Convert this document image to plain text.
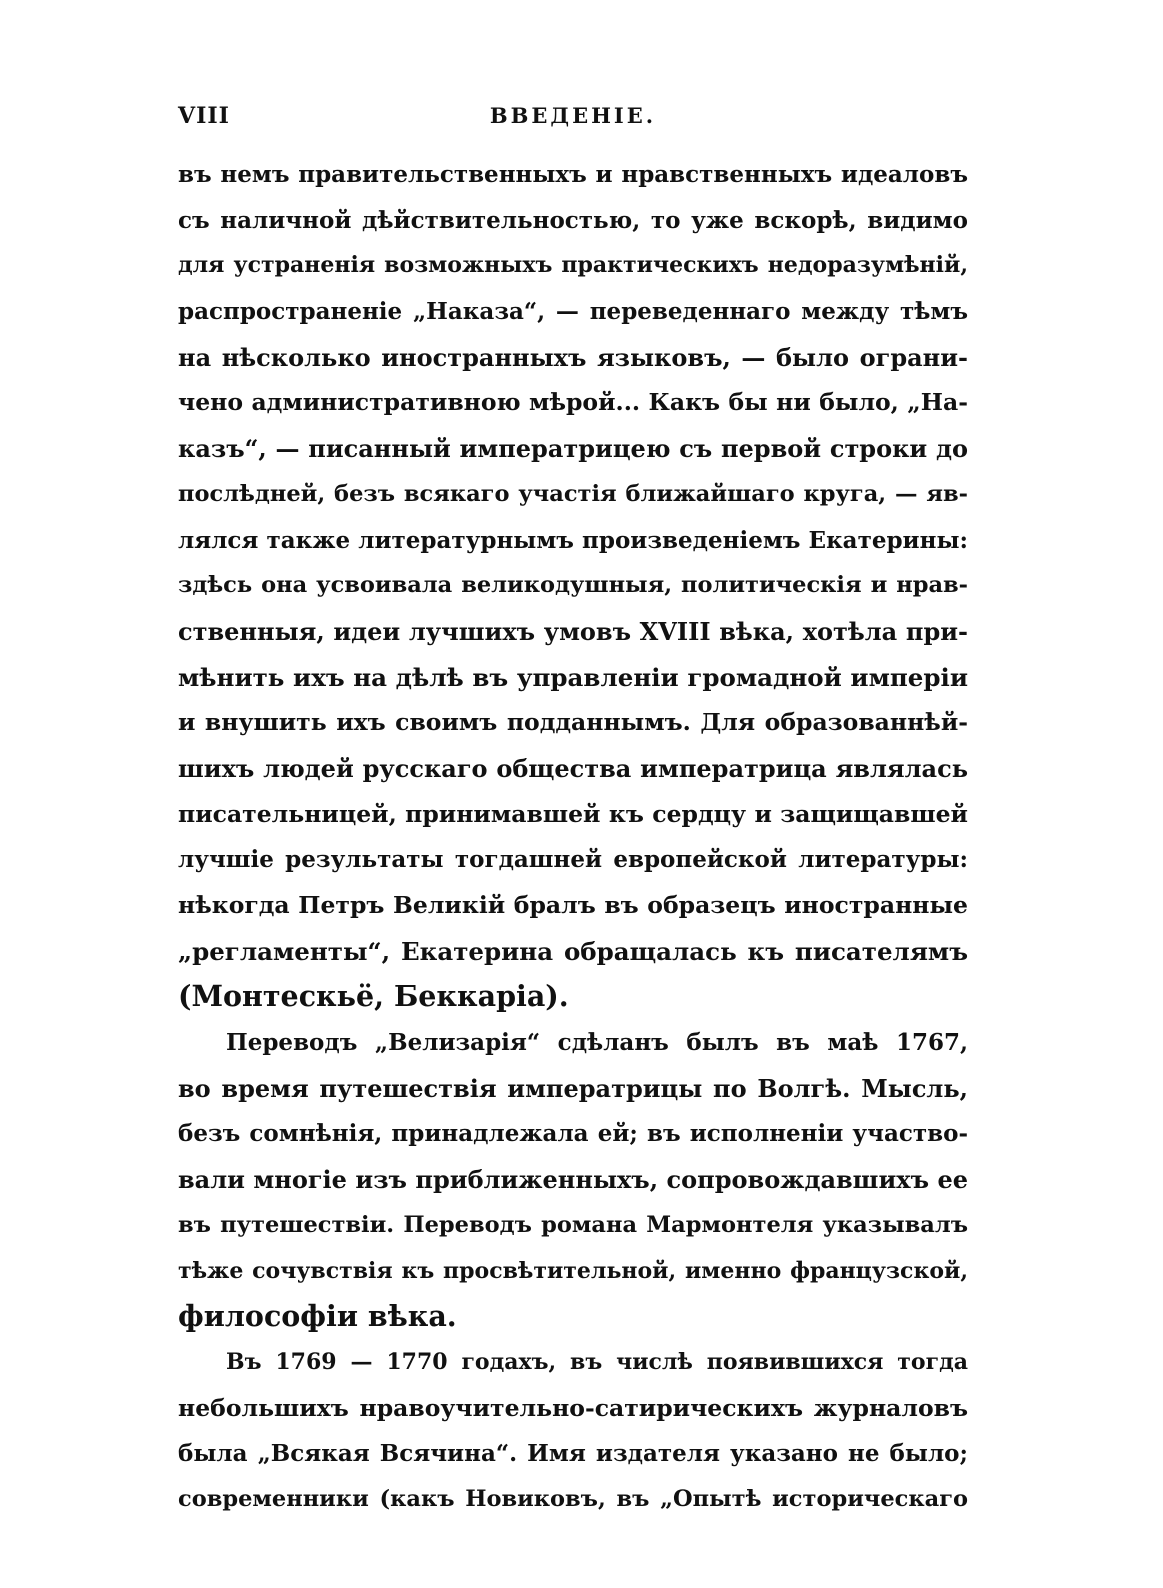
VIII	ВВЕДЕНІЕ.
въ немъ правительственныхъ и нравственныхъ идеаловъ
съ наличной дѣйствительностью, то уже вскорѣ, видимо
для устраненія возможныхъ практическихъ недоразумѣній,
распространеніе „Наказа“, — переведеннаго между тѣмъ
на нѣсколько иностранныхъ языковъ, — было ограни-
чено административною мѣрой... Какъ бы ни было, „На-
казъ“, — писанный императрицею съ первой строки до
послѣдней, безъ всякаго участія ближайшаго круга, — яв-
лялся также литературнымъ произведеніемъ Екатерины:
здѣсь она усвоивала великодушныя, политическія и нрав-
ственныя, идеи лучшихъ умовъ XVIII вѣка, хотѣла при-
мѣнить ихъ на дѣлѣ въ управленіи громадной имперіи
и внушить ихъ своимъ подданнымъ. Для образованнѣй-
шихъ людей русскаго общества императрица являлась
писательницей, принимавшей къ сердцу и защищавшей
лучшіе результаты тогдашней европейской литературы:
нѣкогда Петръ Великій бралъ въ образецъ иностранные
„регламенты“, Екатерина обращалась къ писателямъ
(Монтескьё, Беккаріа).
Переводъ „Велизарія“ сдѣланъ былъ въ маѣ 1767,
во время путешествія императрицы по Волгѣ. Мысль,
безъ сомнѣнія, принадлежала ей; въ исполненіи участво-
вали многіе изъ приближенныхъ, сопровождавшихъ ее
въ путешествіи. Переводъ романа Мармонтеля указывалъ
тѣже сочувствія къ просвѣтительной, именно французской,
философіи вѣка.
Въ 1769 — 1770 годахъ, въ числѣ появившихся тогда
небольшихъ нравоучительно-сатирическихъ журналовъ
была „Всякая Всячина“. Имя издателя указано не было;
современники (какъ Новиковъ, въ „Опытѣ историческаго
